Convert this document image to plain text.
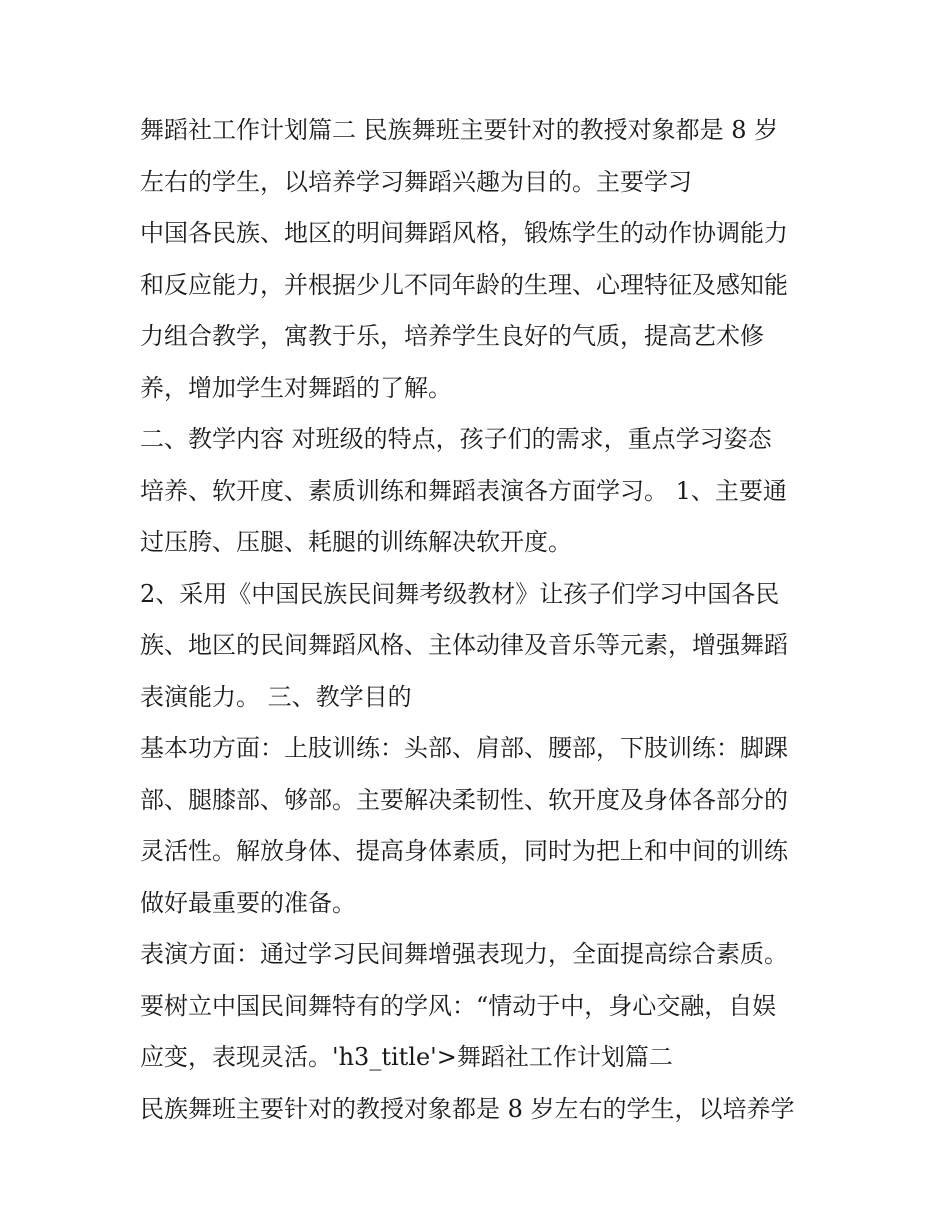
舞蹈社工作计划篇二 民族舞班主要针对的教授对象都是 8 岁
左右的学生，以培养学习舞蹈兴趣为目的。主要学习
中国各民族、地区的明间舞蹈风格，锻炼学生的动作协调能力
和反应能力，并根据少儿不同年龄的生理、心理特征及感知能
力组合教学，寓教于乐，培养学生良好的气质，提高艺术修
养，增加学生对舞蹈的了解。
二、教学内容 对班级的特点，孩子们的需求，重点学习姿态
培养、软开度、素质训练和舞蹈表演各方面学习。 1、主要通
过压胯、压腿、耗腿的训练解决软开度。
2、采用《中国民族民间舞考级教材》让孩子们学习中国各民
族、地区的民间舞蹈风格、主体动律及音乐等元素，增强舞蹈
表演能力。 三、教学目的
基本功方面：上肢训练：头部、肩部、腰部，下肢训练：脚踝
部、腿膝部、够部。主要解决柔韧性、软开度及身体各部分的
灵活性。解放身体、提高身体素质，同时为把上和中间的训练
做好最重要的准备。
表演方面：通过学习民间舞增强表现力，全面提高综合素质。
要树立中国民间舞特有的学风：“情动于中，身心交融，自娱
应变，表现灵活。'h3_title'>舞蹈社工作计划篇二
民族舞班主要针对的教授对象都是 8 岁左右的学生，以培养学
